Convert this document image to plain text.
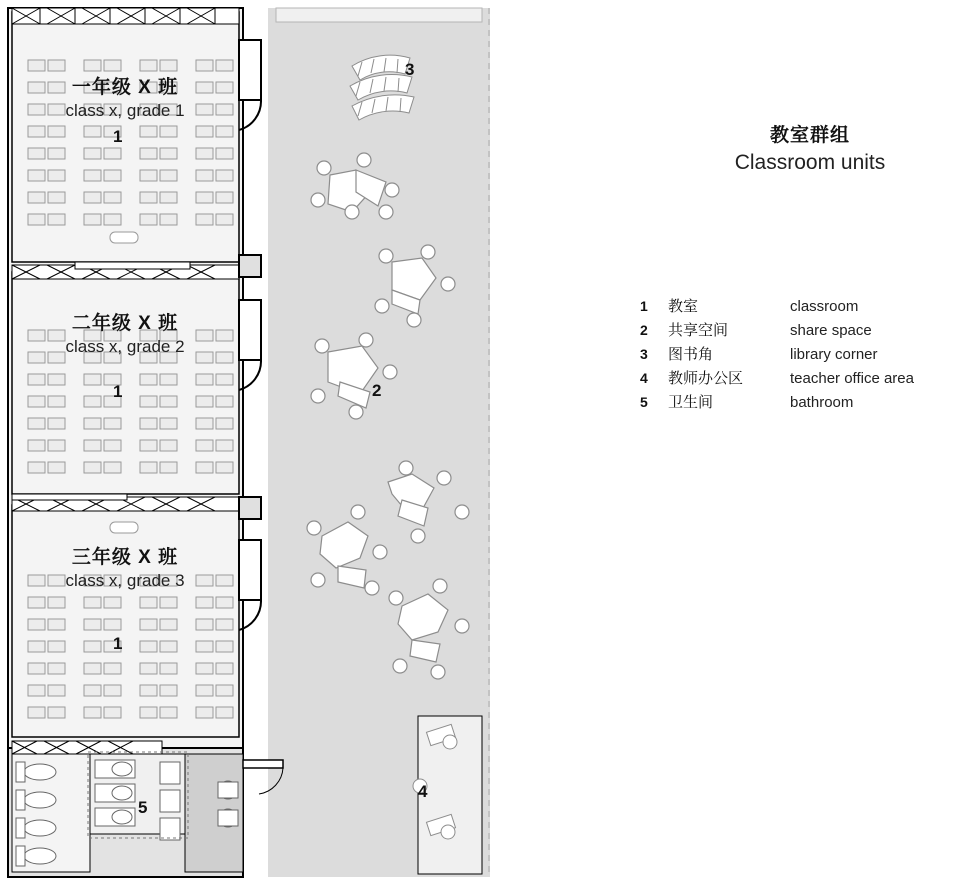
一年级 X 班
class x, grade 1
1
二年级 X 班
class x, grade 2
1
三年级 X 班
class x, grade 3
1
3
2
4
5
教室群组
Classroom units
1	教室	classroom
2	共享空间	share space
3	图书角	library corner
4	教师办公区	teacher office area
5	卫生间	bathroom
